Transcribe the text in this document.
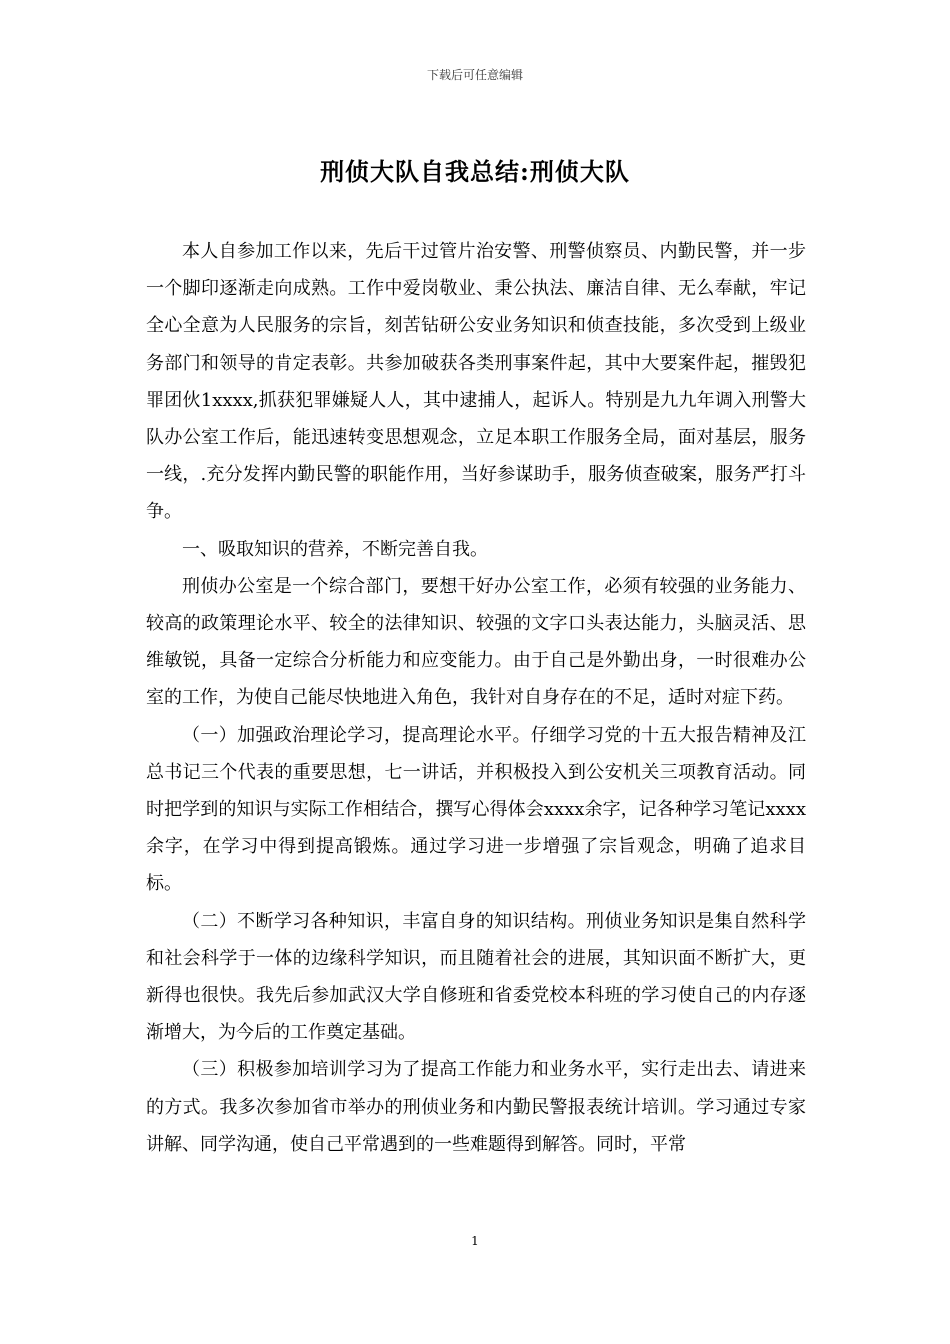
下载后可任意编辑
刑侦大队自我总结:刑侦大队

本人自参加工作以来，先后干过管片治安警、刑警侦察员、内勤民警，并一步一个脚印逐渐走向成熟。工作中爱岗敬业、秉公执法、廉洁自律、无么奉献，牢记全心全意为人民服务的宗旨，刻苦钻研公安业务知识和侦查技能，多次受到上级业务部门和领导的肯定表彰。共参加破获各类刑事案件起，其中大要案件起，摧毁犯罪团伙1xxxx,抓获犯罪嫌疑人人，其中逮捕人，起诉人。特别是九九年调入刑警大队办公室工作后，能迅速转变思想观念，立足本职工作服务全局，面对基层，服务一线，.充分发挥内勤民警的职能作用，当好参谋助手，服务侦查破案，服务严打斗争。

一、吸取知识的营养，不断完善自我。

刑侦办公室是一个综合部门，要想干好办公室工作，必须有较强的业务能力、较高的政策理论水平、较全的法律知识、较强的文字口头表达能力，头脑灵活、思维敏锐，具备一定综合分析能力和应变能力。由于自己是外勤出身，一时很难办公室的工作，为使自己能尽快地进入角色，我针对自身存在的不足，适时对症下药。

（一）加强政治理论学习，提高理论水平。仔细学习党的十五大报告精神及江总书记三个代表的重要思想，七一讲话，并积极投入到公安机关三项教育活动。同时把学到的知识与实际工作相结合，撰写心得体会xxxx余字，记各种学习笔记xxxx余字，在学习中得到提高锻炼。通过学习进一步增强了宗旨观念，明确了追求目标。

（二）不断学习各种知识，丰富自身的知识结构。刑侦业务知识是集自然科学和社会科学于一体的边缘科学知识，而且随着社会的进展，其知识面不断扩大，更新得也很快。我先后参加武汉大学自修班和省委党校本科班的学习使自己的内存逐渐增大，为今后的工作奠定基础。

（三）积极参加培训学习为了提高工作能力和业务水平，实行走出去、请进来的方式。我多次参加省市举办的刑侦业务和内勤民警报表统计培训。学习通过专家讲解、同学沟通，使自己平常遇到的一些难题得到解答。同时，平常

1
